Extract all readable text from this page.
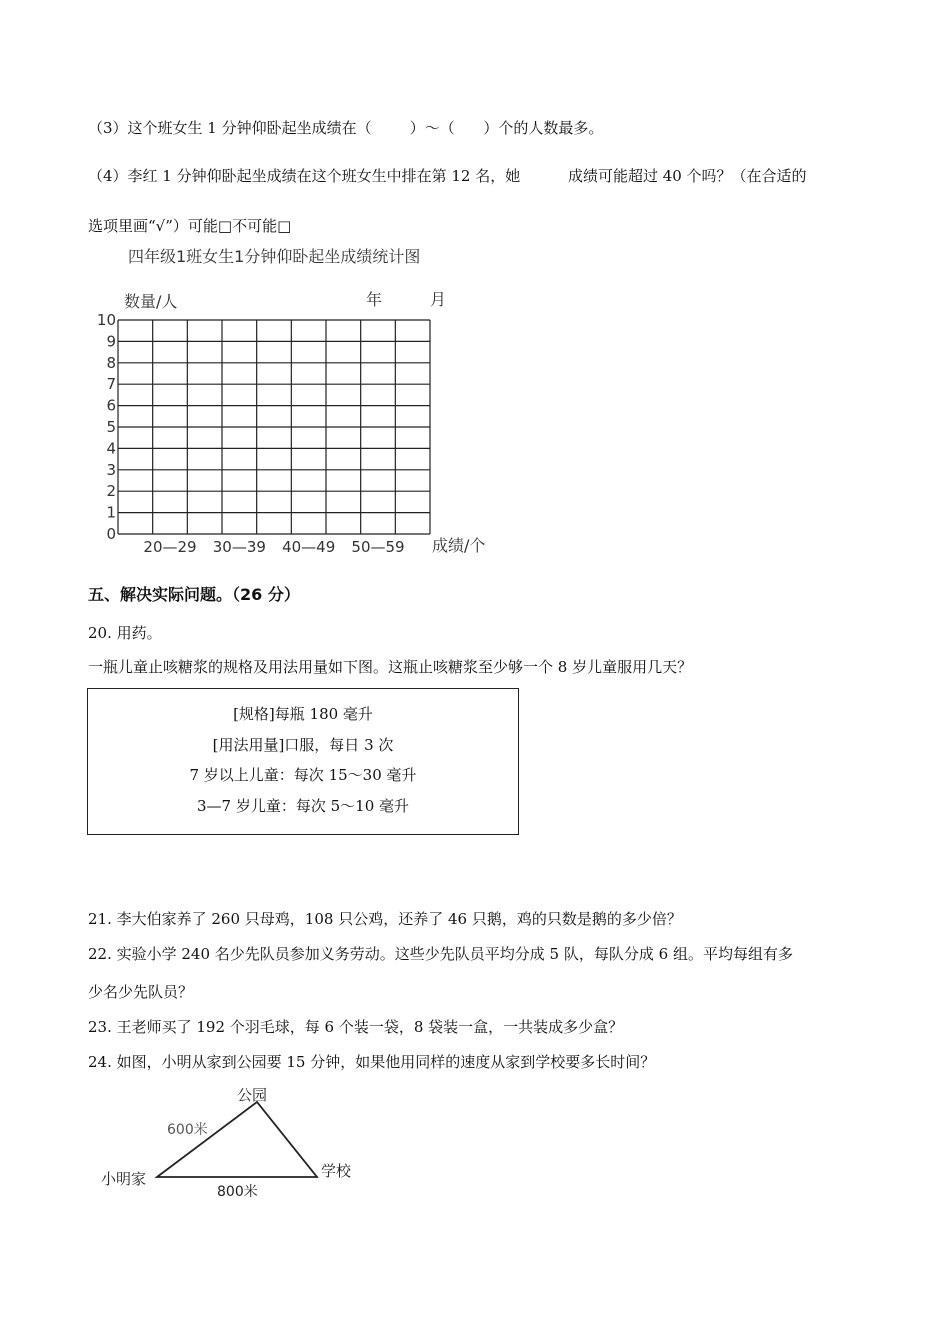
（3）这个班女生 1 分钟仰卧起坐成绩在（	）～（ ）个的人数最多。
（4）李红 1 分钟仰卧起坐成绩在这个班女生中排在第 12 名，她	成绩可能超过 40 个吗？（在合适的
选项里画“√”）可能□不可能□
四年级1班女生1分钟仰卧起坐成绩统计图
数量/人	年	月
0
1
2
3
4
5
6
7
8
9
10
20—29 30—39 40—49 50—59 成绩/个
五、解决实际问题。（26 分）
20. 用药。
一瓶儿童止咳糖浆的规格及用法用量如下图。这瓶止咳糖浆至少够一个 8 岁儿童服用几天？
[规格]每瓶 180 毫升
[用法用量]口服，每日 3 次
7 岁以上儿童：每次 15～30 毫升
3—7 岁儿童：每次 5～10 毫升
21. 李大伯家养了 260 只母鸡，108 只公鸡，还养了 46 只鹅，鸡的只数是鹅的多少倍？
22. 实验小学 240 名少先队员参加义务劳动。这些少先队员平均分成 5 队，每队分成 6 组。平均每组有多
少名少先队员？
23. 王老师买了 192 个羽毛球，每 6 个装一袋，8 袋装一盒，一共装成多少盒？
24. 如图，小明从家到公园要 15 分钟，如果他用同样的速度从家到学校要多长时间？
公园
小明家	学校
600米
800米
